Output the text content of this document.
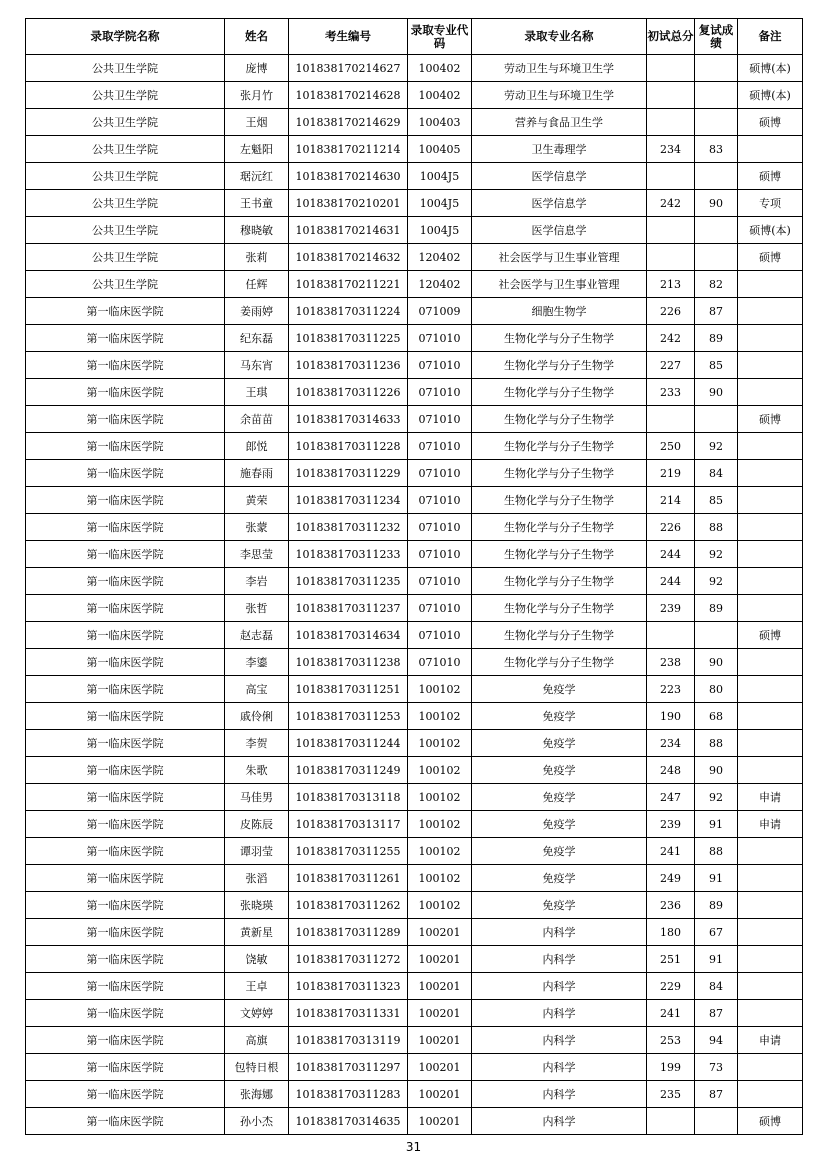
录取学院名称	姓名	考生编号	录取专业代码	录取专业名称	初试总分	复试成绩	备注
公共卫生学院	庞博	101838170214627	100402	劳动卫生与环境卫生学			硕博(本)
公共卫生学院	张月竹	101838170214628	100402	劳动卫生与环境卫生学			硕博(本)
公共卫生学院	王烟	101838170214629	100403	营养与食品卫生学			硕博
公共卫生学院	左魁阳	101838170211214	100405	卫生毒理学	234	83	
公共卫生学院	琚沅红	101838170214630	1004J5	医学信息学			硕博
公共卫生学院	王书童	101838170210201	1004J5	医学信息学	242	90	专项
公共卫生学院	穆晓敏	101838170214631	1004J5	医学信息学			硕博(本)
公共卫生学院	张莉	101838170214632	120402	社会医学与卫生事业管理			硕博
公共卫生学院	任辉	101838170211221	120402	社会医学与卫生事业管理	213	82	
第一临床医学院	姜雨婷	101838170311224	071009	细胞生物学	226	87	
第一临床医学院	纪东磊	101838170311225	071010	生物化学与分子生物学	242	89	
第一临床医学院	马东宵	101838170311236	071010	生物化学与分子生物学	227	85	
第一临床医学院	王琪	101838170311226	071010	生物化学与分子生物学	233	90	
第一临床医学院	余苗苗	101838170314633	071010	生物化学与分子生物学			硕博
第一临床医学院	郎悦	101838170311228	071010	生物化学与分子生物学	250	92	
第一临床医学院	施春雨	101838170311229	071010	生物化学与分子生物学	219	84	
第一临床医学院	黄荣	101838170311234	071010	生物化学与分子生物学	214	85	
第一临床医学院	张蒙	101838170311232	071010	生物化学与分子生物学	226	88	
第一临床医学院	李思莹	101838170311233	071010	生物化学与分子生物学	244	92	
第一临床医学院	李岩	101838170311235	071010	生物化学与分子生物学	244	92	
第一临床医学院	张哲	101838170311237	071010	生物化学与分子生物学	239	89	
第一临床医学院	赵志磊	101838170314634	071010	生物化学与分子生物学			硕博
第一临床医学院	李鎏	101838170311238	071010	生物化学与分子生物学	238	90	
第一临床医学院	高宝	101838170311251	100102	免疫学	223	80	
第一临床医学院	戚伶俐	101838170311253	100102	免疫学	190	68	
第一临床医学院	李贺	101838170311244	100102	免疫学	234	88	
第一临床医学院	朱歌	101838170311249	100102	免疫学	248	90	
第一临床医学院	马佳男	101838170313118	100102	免疫学	247	92	申请
第一临床医学院	皮陈辰	101838170313117	100102	免疫学	239	91	申请
第一临床医学院	谭羽莹	101838170311255	100102	免疫学	241	88	
第一临床医学院	张滔	101838170311261	100102	免疫学	249	91	
第一临床医学院	张晓瑛	101838170311262	100102	免疫学	236	89	
第一临床医学院	黄新星	101838170311289	100201	内科学	180	67	
第一临床医学院	饶敏	101838170311272	100201	内科学	251	91	
第一临床医学院	王卓	101838170311323	100201	内科学	229	84	
第一临床医学院	文婷婷	101838170311331	100201	内科学	241	87	
第一临床医学院	高旗	101838170313119	100201	内科学	253	94	申请
第一临床医学院	包特日根	101838170311297	100201	内科学	199	73	
第一临床医学院	张海娜	101838170311283	100201	内科学	235	87	
第一临床医学院	孙小杰	101838170314635	100201	内科学			硕博
31
